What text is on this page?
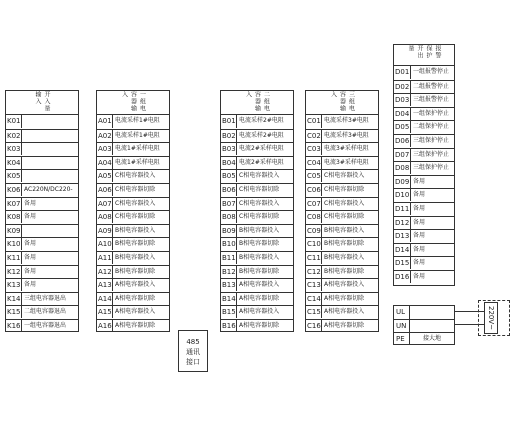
开入量输入
K01
K02
K03
K04
K05
K06 AC220N/DC220-
K07 备用
K08 备用
K09
K10 备用
K11 备用
K12 备用
K13 备用
K14 三组电容器退出
K15 二组电容器退出
K16 一组电容器退出
一组电容器输入
A01 电流采样1#电阻
A02 电流采样1#电阻
A03 电流1#采样电阻
A04 电流1#采样电阻
A05 C相电容器投入
A06 C相电容器切除
A07 C相电容器投入
A08 C相电容器切除
A09 B相电容器投入
A10 B相电容器切除
A11 B相电容器投入
A12 B相电容器切除
A13 A相电容器投入
A14 A相电容器切除
A15 A相电容器投入
A16 A相电容器切除
485
通讯
接口
二组电容器输入
B01 电流采样2#电阻
B02 电流采样2#电阻
B03 电流2#采样电阻
B04 电流2#采样电阻
B05 C相电容器投入
B06 C相电容器切除
B07 C相电容器投入
B08 C相电容器切除
B09 B相电容器投入
B10 B相电容器切除
B11 B相电容器投入
B12 B相电容器切除
B13 A相电容器投入
B14 A相电容器切除
B15 A相电容器投入
B16 A相电容器切除
三组电容器输入
C01 电流采样3#电阻
C02 电流采样3#电阻
C03 电流3#采样电阻
C04 电流3#采样电阻
C05 C相电容器投入
C06 C相电容器切除
C07 C相电容器投入
C08 C相电容器切除
C09 B相电容器投入
C10 B相电容器切除
C11 B相电容器投入
C12 B相电容器切除
C13 A相电容器投入
C14 A相电容器切除
C15 A相电容器投入
C16 A相电容器切除
报警保护开出量
D01 一组报警停止
D02 二组报警停止
D03 三组报警停止
D04 一组保护停止
D05 二组保护停止
D06 三组保护停止
D07 三组保护停止
D08 三组保护停止
D09 备用
D10 备用
D11 备用
D12 备用
D13 备用
D14 备用
D15 备用
D16 备用
UL
UN
PE	接大地
220V~
